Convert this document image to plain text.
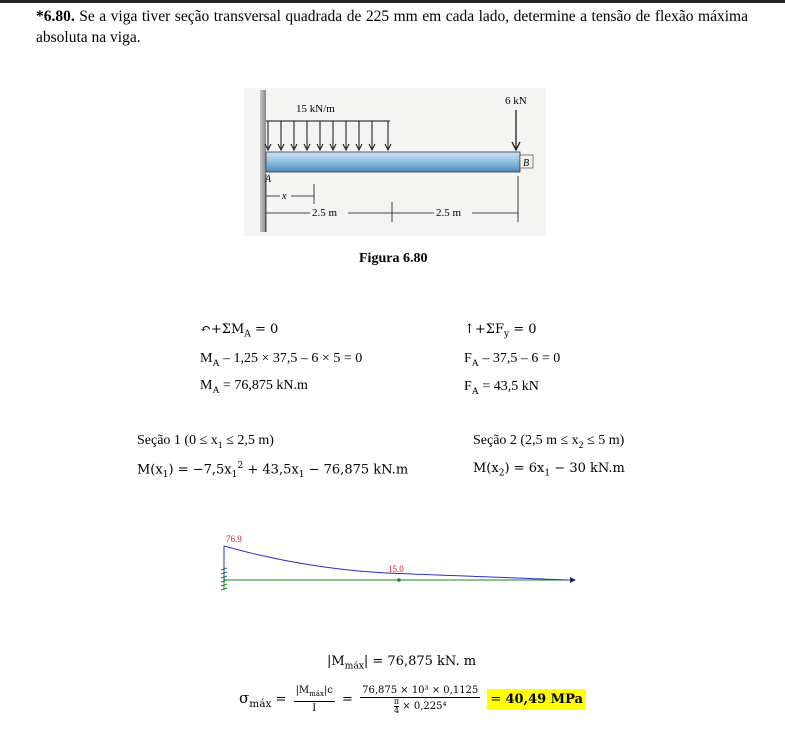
*6.80. Se a viga tiver seção transversal quadrada de 225 mm em cada lado, determine a tensão de flexão máxima absoluta na viga.
15 kN/m
6 kN
B
A
x
2.5 m	2.5 m
Figura 6.80
$↶+\Sigma M_A = 0$
$M_A - 1,25 \times 37,5 - 6 \times 5 = 0$
$M_A = 76,875$ kN.m
$↑+\Sigma F_y = 0$
$F_A - 37,5 - 6 = 0$
$F_A = 43,5$ kN
Seção 1 ($0 \le x_1 \le 2,5$ m)
$M(x_1) = -7,5x_1^2 + 43,5x_1 - 76,875$ kN.m
Seção 2 (2,5 $m \le x_2 \le 5$ m)
$M(x_2) = 6x_1 - 30$ kN.m
76.9
15.0
$|M_{máx}| = 76,875$ kN. m
$\sigma_{máx} = \frac{|M_{máx}|c}{I} = \frac{\text{76,875 × 10³ × 0,1125}}{\frac{\pi}{4} \times 0,225^4}$
= 40,49 MPa
